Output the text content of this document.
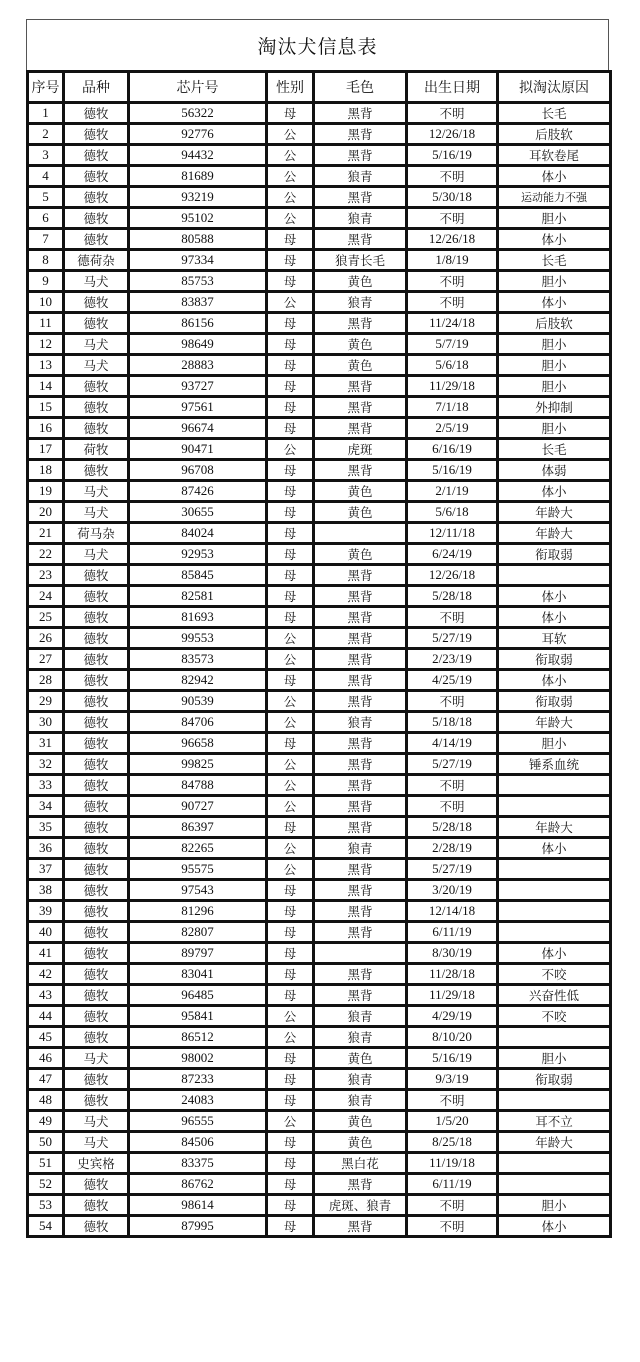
淘汰犬信息表
序号	品种	芯片号	性别	毛色	出生日期	拟淘汰原因
1	德牧	56322	母	黑背	不明	长毛
2	德牧	92776	公	黑背	12/26/18	后肢软
3	德牧	94432	公	黑背	5/16/19	耳软卷尾
4	德牧	81689	公	狼青	不明	体小
5	德牧	93219	公	黑背	5/30/18	运动能力不强
6	德牧	95102	公	狼青	不明	胆小
7	德牧	80588	母	黑背	12/26/18	体小
8	德荷杂	97334	母	狼青长毛	1/8/19	长毛
9	马犬	85753	母	黄色	不明	胆小
10	德牧	83837	公	狼青	不明	体小
11	德牧	86156	母	黑背	11/24/18	后肢软
12	马犬	98649	母	黄色	5/7/19	胆小
13	马犬	28883	母	黄色	5/6/18	胆小
14	德牧	93727	母	黑背	11/29/18	胆小
15	德牧	97561	母	黑背	7/1/18	外抑制
16	德牧	96674	母	黑背	2/5/19	胆小
17	荷牧	90471	公	虎斑	6/16/19	长毛
18	德牧	96708	母	黑背	5/16/19	体弱
19	马犬	87426	母	黄色	2/1/19	体小
20	马犬	30655	母	黄色	5/6/18	年龄大
21	荷马杂	84024	母		12/11/18	年龄大
22	马犬	92953	母	黄色	6/24/19	衔取弱
23	德牧	85845	母	黑背	12/26/18	
24	德牧	82581	母	黑背	5/28/18	体小
25	德牧	81693	母	黑背	不明	体小
26	德牧	99553	公	黑背	5/27/19	耳软
27	德牧	83573	公	黑背	2/23/19	衔取弱
28	德牧	82942	母	黑背	4/25/19	体小
29	德牧	90539	公	黑背	不明	衔取弱
30	德牧	84706	公	狼青	5/18/18	年龄大
31	德牧	96658	母	黑背	4/14/19	胆小
32	德牧	99825	公	黑背	5/27/19	锤系血统
33	德牧	84788	公	黑背	不明	
34	德牧	90727	公	黑背	不明	
35	德牧	86397	母	黑背	5/28/18	年龄大
36	德牧	82265	公	狼青	2/28/19	体小
37	德牧	95575	公	黑背	5/27/19	
38	德牧	97543	母	黑背	3/20/19	
39	德牧	81296	母	黑背	12/14/18	
40	德牧	82807	母	黑背	6/11/19	
41	德牧	89797	母		8/30/19	体小
42	德牧	83041	母	黑背	11/28/18	不咬
43	德牧	96485	母	黑背	11/29/18	兴奋性低
44	德牧	95841	公	狼青	4/29/19	不咬
45	德牧	86512	公	狼青	8/10/20	
46	马犬	98002	母	黄色	5/16/19	胆小
47	德牧	87233	母	狼青	9/3/19	衔取弱
48	德牧	24083	母	狼青	不明	
49	马犬	96555	公	黄色	1/5/20	耳不立
50	马犬	84506	母	黄色	8/25/18	年龄大
51	史宾格	83375	母	黑白花	11/19/18	
52	德牧	86762	母	黑背	6/11/19	
53	德牧	98614	母	虎斑、狼青	不明	胆小
54	德牧	87995	母	黑背	不明	体小
